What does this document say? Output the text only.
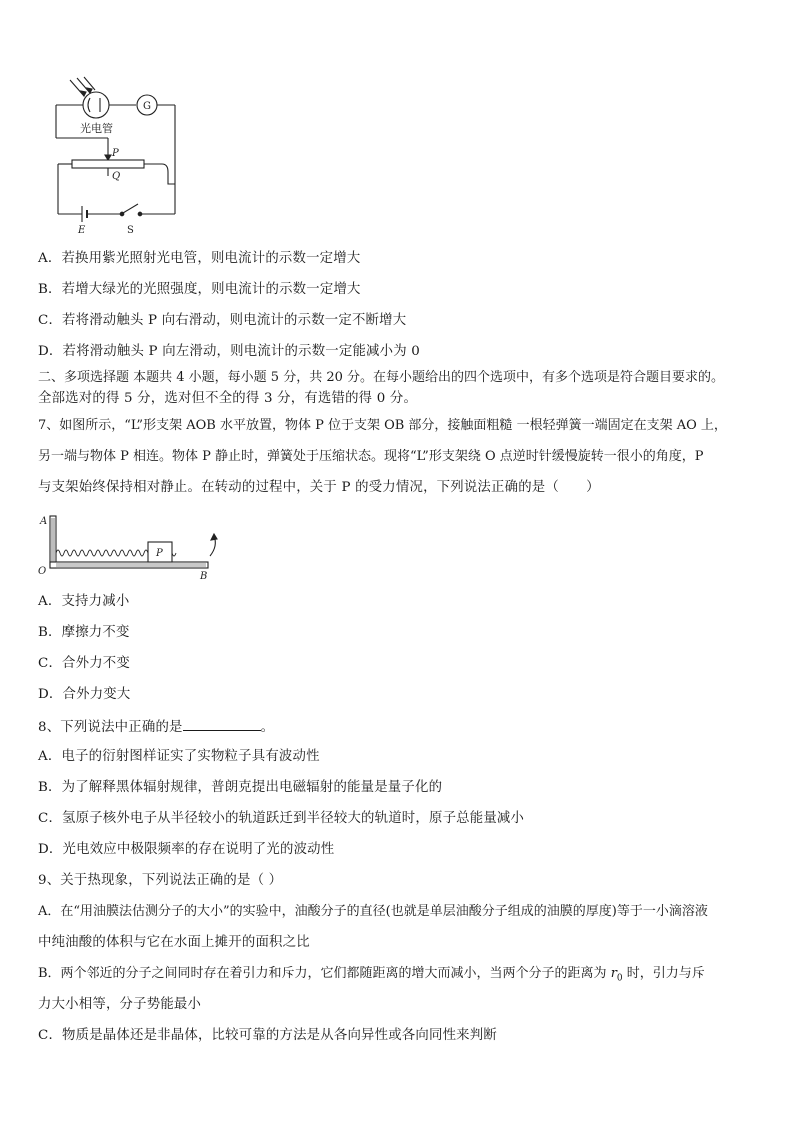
光电管
G
P
Q
E	S
A．若换用紫光照射光电管，则电流计的示数一定增大
B．若增大绿光的光照强度，则电流计的示数一定增大
C．若将滑动触头 P 向右滑动，则电流计的示数一定不断增大
D．若将滑动触头 P 向左滑动，则电流计的示数一定能减小为 0
二、多项选择题 本题共 4 小题，每小题 5 分，共 20 分。在每小题给出的四个选项中，有多个选项是符合题目要求的。
全部选对的得 5 分，选对但不全的得 3 分，有选错的得 0 分。
7、如图所示，“L”形支架 AOB 水平放置，物体 P 位于支架 OB 部分，接触面粗糙 一根轻弹簧一端固定在支架 AO 上，
另一端与物体 P 相连。物体 P 静止时，弹簧处于压缩状态。现将“L”形支架绕 O 点逆时针缓慢旋转一很小的角度，P
与支架始终保持相对静止。在转动的过程中，关于 P 的受力情况，下列说法正确的是（　　）
A
O	B
P
A．支持力减小
B．摩擦力不变
C．合外力不变
D．合外力变大
8、下列说法中正确的是	。
A．电子的衍射图样证实了实物粒子具有波动性
B．为了解释黑体辐射规律，普朗克提出电磁辐射的能量是量子化的
C．氢原子核外电子从半径较小的轨道跃迁到半径较大的轨道时，原子总能量减小
D．光电效应中极限频率的存在说明了光的波动性
9、关于热现象，下列说法正确的是（ ）
A．在“用油膜法估测分子的大小”的实验中，油酸分子的直径(也就是单层油酸分子组成的油膜的厚度)等于一小滴溶液
中纯油酸的体积与它在水面上摊开的面积之比
B．两个邻近的分子之间同时存在着引力和斥力，它们都随距离的增大而减小，当两个分子的距离为 $r_0$ 时，引力与斥
力大小相等，分子势能最小
C．物质是晶体还是非晶体，比较可靠的方法是从各向异性或各向同性来判断
